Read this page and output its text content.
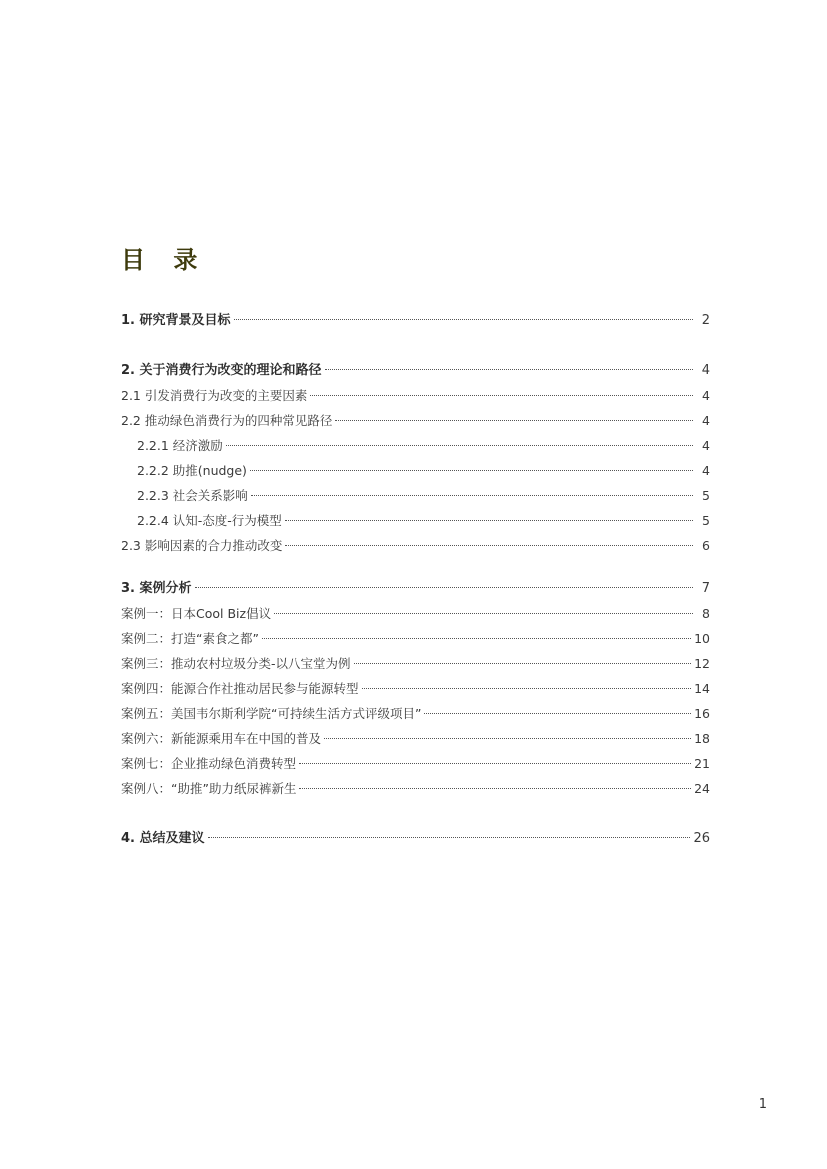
目 录
1. 研究背景及目标	2
2. 关于消费行为改变的理论和路径	4
2.1 引发消费行为改变的主要因素	4
2.2 推动绿色消费行为的四种常见路径	4
2.2.1 经济激励	4
2.2.2 助推(nudge)	4
2.2.3 社会关系影响	5
2.2.4 认知-态度-行为模型	5
2.3 影响因素的合力推动改变	6
3. 案例分析	7
案例一：日本Cool Biz倡议	8
案例二：打造“素食之都”	10
案例三：推动农村垃圾分类-以八宝堂为例	12
案例四：能源合作社推动居民参与能源转型	14
案例五：美国韦尔斯利学院“可持续生活方式评级项目”	16
案例六：新能源乘用车在中国的普及	18
案例七：企业推动绿色消费转型	21
案例八：“助推”助力纸尿裤新生	24
4. 总结及建议	26
1
